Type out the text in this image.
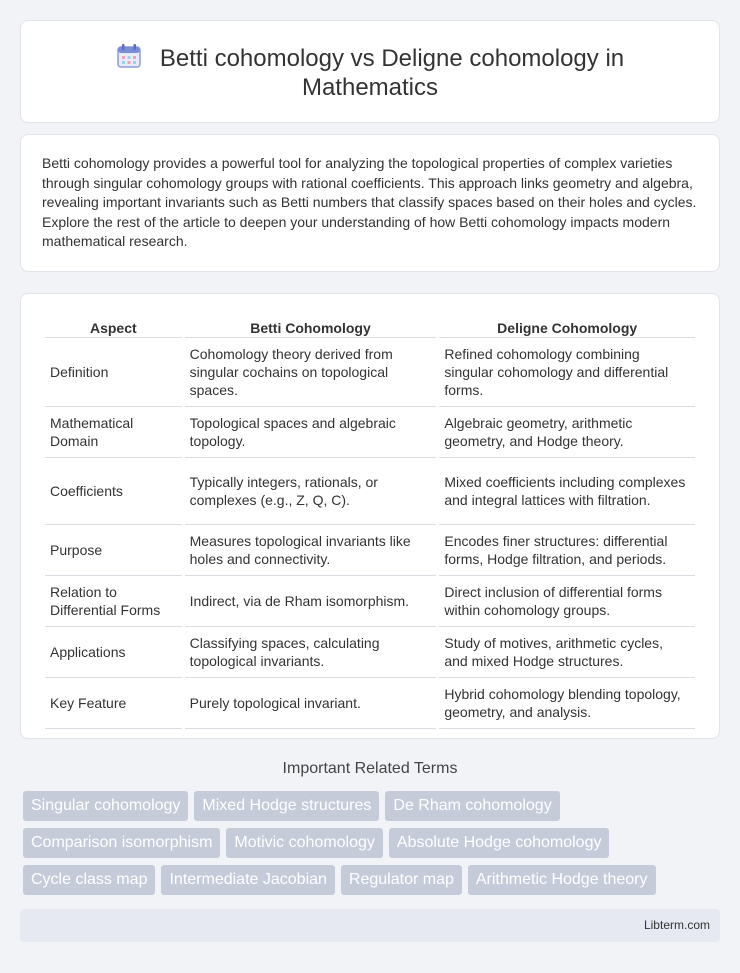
Betti cohomology vs Deligne cohomology in
Mathematics

Betti cohomology provides a powerful tool for analyzing the topological properties of complex varieties through singular cohomology groups with rational coefficients. This approach links geometry and algebra, revealing important invariants such as Betti numbers that classify spaces based on their holes and cycles. Explore the rest of the article to deepen your understanding of how Betti cohomology impacts modern mathematical research.

Aspect	Betti Cohomology	Deligne Cohomology
Definition	Cohomology theory derived from singular cochains on topological spaces.	Refined cohomology combining singular cohomology and differential forms.
Mathematical Domain	Topological spaces and algebraic topology.	Algebraic geometry, arithmetic geometry, and Hodge theory.
Coefficients	Typically integers, rationals, or complexes (e.g., Z, Q, C).	Mixed coefficients including complexes and integral lattices with filtration.
Purpose	Measures topological invariants like holes and connectivity.	Encodes finer structures: differential forms, Hodge filtration, and periods.
Relation to Differential Forms	Indirect, via de Rham isomorphism.	Direct inclusion of differential forms within cohomology groups.
Applications	Classifying spaces, calculating topological invariants.	Study of motives, arithmetic cycles, and mixed Hodge structures.
Key Feature	Purely topological invariant.	Hybrid cohomology blending topology, geometry, and analysis.
Important Related Terms
Singular cohomology Mixed Hodge structures De Rham cohomology
Comparison isomorphism Motivic cohomology Absolute Hodge cohomology
Cycle class map Intermediate Jacobian Regulator map Arithmetic Hodge theory
Libterm.com
